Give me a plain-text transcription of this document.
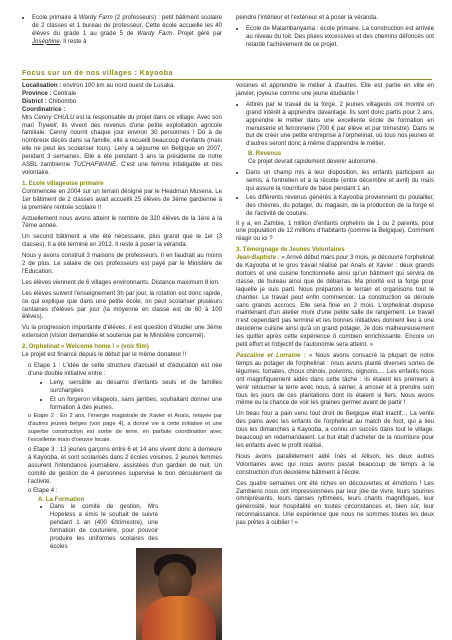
• Ecole primaire à Wardy Farm (2 professeurs) : petit bâtiment scolaire de 2 classes et 1 bureau de professeur. Cette école accueille les 40 élèves du grade 1 au grade 5 de Wardy Farm. Projet géré par Joséphine. Il reste à

peindre l'intérieur et l'extérieur et à poser la véranda.

• Ecole de Malambanyama : école primaire. La construction est arrivée au niveau du toit. Des pluies excessives et des chemins défoncés ont retardé l'achèvement de ce projet.
Focus sur un de nos villages : Kayooba
Localisation : environ 100 km au nord ouest de Lusaka.
Province : Centrale
District : Chibombo
Coordinatrice :

Mrs Cenny CHULU est la responsable du projet dans ce village. Avec son mari Trywell, ils vivent des revenus d'une petite exploitation agricole familiale. Cenny nourrit chaque jour environ 30 personnes ! Dû à de nombreux décès dans sa famille, elle a recueilli beaucoup d'enfants (mais elle ne peut les scolariser tous). Leny a séjourné en Belgique en 2007, pendant 3 semaines. Elle a été pendant 3 ans la présidente de notre ASBL zambienne TUCHAFWANE. C'est une femme infatigable et très volontaire.

1. Ecole villageoise primaire

Commencée en 2004 sur un terrain désigné par le Headman Musena. Le 1er bâtiment de 2 classes avait accueilli 25 élèves de 3ème gardienne à la première rentrée scolaire !!

Actuellement nous avons atteint le nombre de 320 élèves de la 1ère à la 7ème année.

Un second bâtiment a vite été nécessaire, plus grand que le 1er (3 classes). Il a été terminé en 2012. Il reste à poser la véranda.

Nous y avons construit 3 maisons de professeurs. Il en faudrait au moins 2 de plus. Le salaire de ces professeurs est payé par le Ministère de l'Education.

Les élèves viennent de 6 villages environnants. Distance maximum 8 km.

Les élèves suivent l'enseignement 3h par jour, la rotation est donc rapide, ce qui explique que dans une petite école, on peut scolariser plusieurs centaines d'élèves par jour (la moyenne en classe est de 60 à 100 élèves).

Vu la progression importante d'élèves, il est question d'étudier une 3ème extension (vision demandée et soutenue par le Ministère concerné).

2. Orphelinat « Welcome home ! » (voir film)

Le projet est financé depuis le début par le même donateur !!

o Etape 1 : L'idée de cette structure d'accueil et d'éducation est née d'une double initiative entre :

• Leny, sensible au désarroi d'enfants seuls et de familles surchargées
• Et un forgeron villageois, sans jambes, souhaitant donner une formation à des jeunes.

o Etape 2 : En 2 ans, l'énergie magistrale de Xavier et Anaïs, relayée par d'autres jeunes belges (voir page 4), a donné vie à cette initiative et une superbe construction est sortie de terre, en parfaite coordination avec l'excellente main d'oeuvre locale.

o Etape 3 : 13 jeunes garçons entre 6 et 14 ans vivent donc à demeure à Kayooba, et sont scolarisés dans 2 écoles voisines. 2 jeunes femmes assurent l'intendance journalière, assistées d'un gardien de nuit. Un comité de gestion de 4 personnes supervise le bon déroulement de l'activité.

o Etape 4 :

A. La Formation

• Dans le comité de gestion, Mrs Hopeless a émis le souhait de suivre pendant 1 an (400 €/trimestre), une formation de couturière, pour pouvoir produire les uniformes scolaires des écoles

voisines et apprendre le métier à d'autres. Elle est partie en ville en janvier, joyeuse comme une jeune étudiante !

• Attirés par le travail de la forge, 2 jeunes villageois ont montré un grand intérêt à apprendre davantage. Ils sont donc partis pour 2 ans, apprendre le métier dans une excellente école de formation en menuiserie et ferronnerie (700 € par élève et par trimestre). Dans le but de créer une petite entreprise à l'orphelinat, où tous nos jeunes et d'autres seront donc à même d'apprendre le métier.

B. Revenus

Ce projet devrait rapidement devenir autonome.

• Dans un champ mis à leur disposition, les enfants participent au semis, à l'entretien et à la récolte (entre décembre et avril) du maïs qui assure la nourriture de base pendant 1 an.
• Les différents revenus générés à Kayooba proviennent du poulailler, des chèvres, du potager, du magasin, de la production de la forge et de l'activité de couture.

Il y a, en Zambie, 1 million d'enfants orphelins de 1 ou 2 parents, pour une population de 12 millions d'habitants (comme la Belgique). Comment réagir ou ici ?

3. Témoignage de Jeunes Volontaires

Jean-Baptiste : « Arrivé début mars pour 3 mois, je découvre l'orphelinat de Kayooba et le gros travail réalisé par Anaïs et Xavier : deux grands dortoirs et une cuisine fonctionnelle ainsi qu'un bâtiment qui servira de classe, de bureau ainsi que de débarras. Ma priorité est la forge pour laquelle je suis parti. Nous préparons le terrain et organisons tout le chantier. Le travail peut enfin commencer. La construction se déroule sans grands accrocs. Elle sera finie en 2 mois. L'orphelinat dispose maintenant d'un atelier muni d'une petite salle de rangement. Le travail n'est cependant pas terminé et les bonnes initiatives donnent lieu à une deuxième cuisine ainsi qu'à un grand potager. Je dois malheureusement les quitter après cette expérience ô combien enrichissante. Encore un petit effort et l'objectif de l'autonomie sera atteint. »

Pascaline et Lorraine : « Nous avons consacré la plupart de notre temps au potager de l'orphelinat : nous avons planté diverses sortes de légumes; tomates, choux chinois, poivrons, oignons,… Les enfants nous ont magnifiquement aidés dans cette tâche : ils étaient les premiers à venir retourner la terre avec nous, à semer, à arroser et à prendre soin tous les jours de ces plantations dont ils étaient si fiers. Nous avons même eu la chance de voir les graines germer avant de partir !

Un beau four a pain venu tout droit de Belgique était inactif… La vente des pains avec les enfants de l'orphelinat au match de foot, qui a lieu tous les dimanches à Kayooba, a connu un succès dans tout le village; beaucoup en redemandaient. Le but était d'acheter de la nourriture pour les enfants avec le profit réalisé.

Nous avons parallèlement aidé Inès et Allison, les deux autres Volontaires avec qui nous avons passé beaucoup de temps à la construction d'un deuxième bâtiment à l'école.

Ces quatre semaines ont été riches en découvertes et émotions ! Les Zambiens nous ont impressionnées par leur joie de vivre, leurs sourires omniprésents, leurs danses rythmées, leurs chants magnifiques, leur générosité, leur hospitalité en toutes circonstances et, bien sûr, leur reconnaissance. Une expérience que nous ne sommes toutes les deux pas prêtes à oublier ! »
